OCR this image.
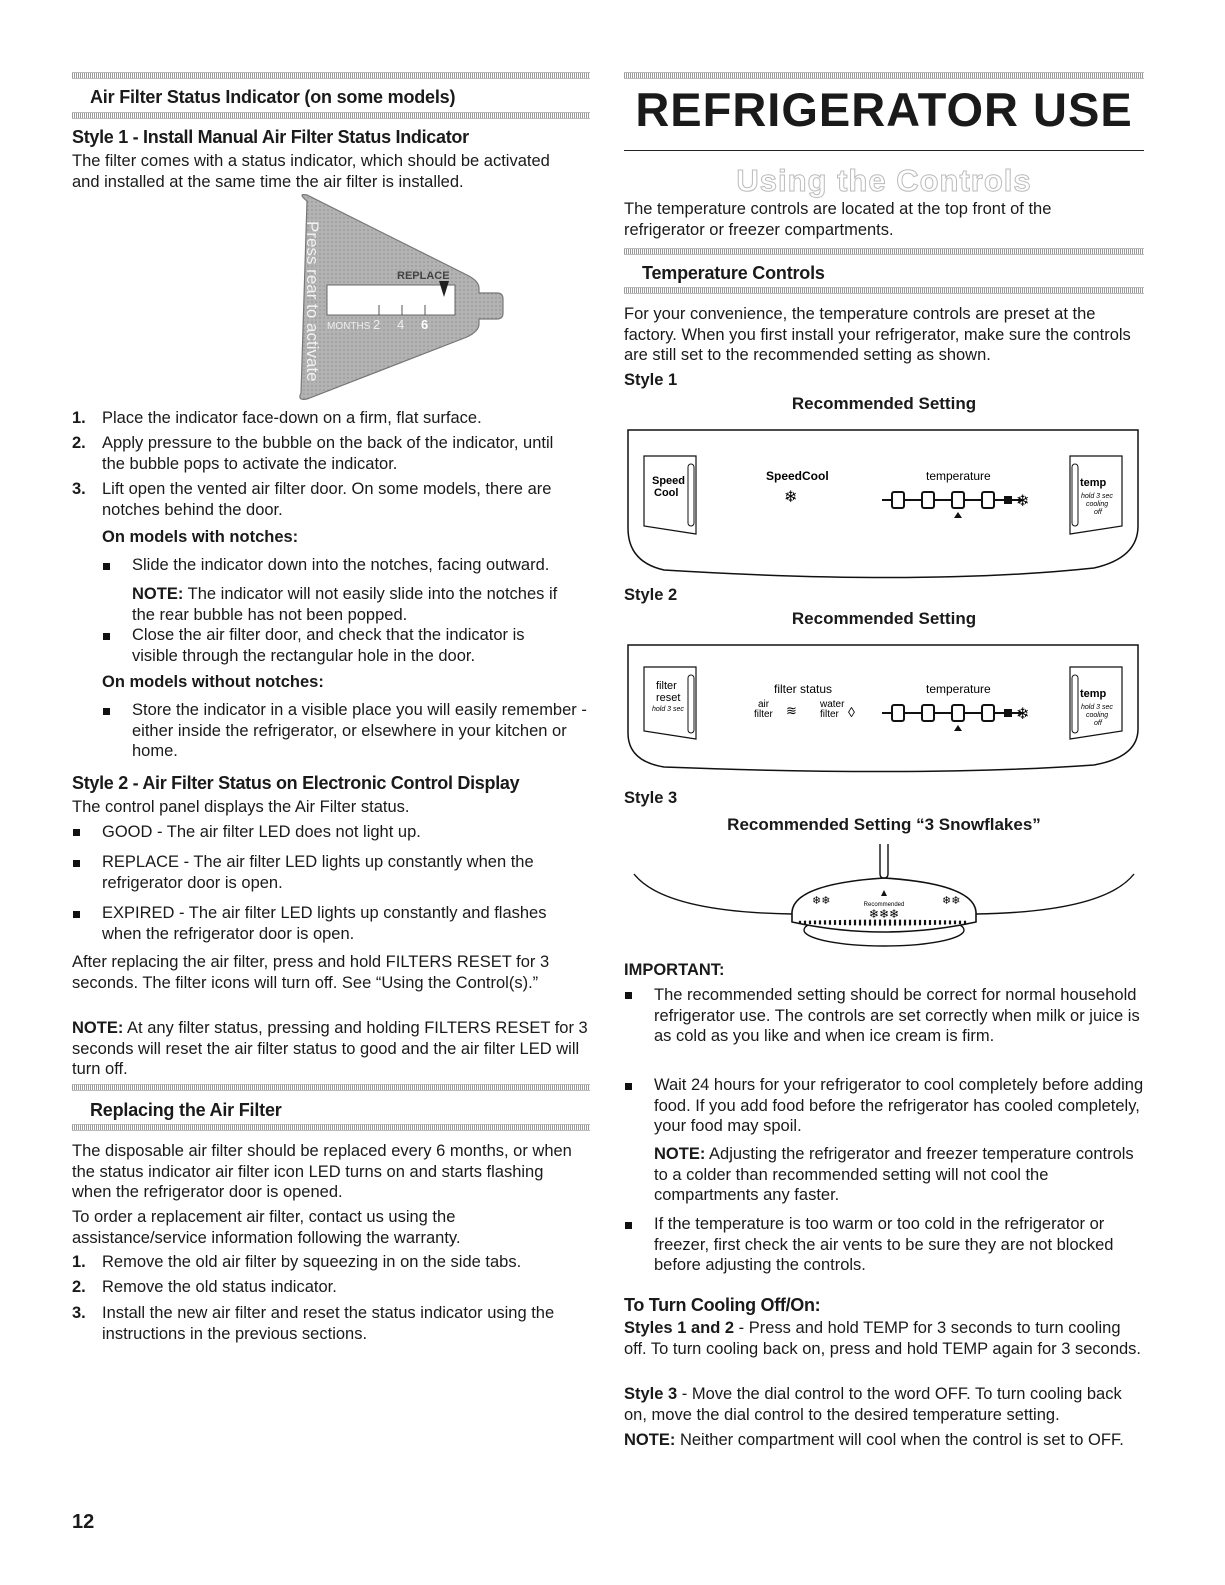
Air Filter Status Indicator (on some models)
Style 1 - Install Manual Air Filter Status Indicator

The filter comes with a status indicator, which should be activated and installed at the same time the air filter is installed.

REPLACE
MONTHS 2 4 6
Press rear to activate
1. Place the indicator face-down on a firm, flat surface.

2. Apply pressure to the bubble on the back of the indicator, until the bubble pops to activate the indicator.

3. Lift open the vented air filter door. On some models, there are notches behind the door.

On models with notches:

Slide the indicator down into the notches, facing outward.

NOTE: The indicator will not easily slide into the notches if the rear bubble has not been popped.

Close the air filter door, and check that the indicator is visible through the rectangular hole in the door.

On models without notches:

Store the indicator in a visible place you will easily remember - either inside the refrigerator, or elsewhere in your kitchen or home.

Style 2 - Air Filter Status on Electronic Control Display

The control panel displays the Air Filter status.

GOOD - The air filter LED does not light up.

REPLACE - The air filter LED lights up constantly when the refrigerator door is open.

EXPIRED - The air filter LED lights up constantly and flashes when the refrigerator door is open.

After replacing the air filter, press and hold FILTERS RESET for 3 seconds. The filter icons will turn off. See “Using the Control(s).”

NOTE: At any filter status, pressing and holding FILTERS RESET for 3 seconds will reset the air filter status to good and the air filter LED will turn off.

Replacing the Air Filter

The disposable air filter should be replaced every 6 months, or when the status indicator air filter icon LED turns on and starts flashing when the refrigerator door is opened.

To order a replacement air filter, contact us using the assistance/service information following the warranty.

1. Remove the old air filter by squeezing in on the side tabs.

2. Remove the old status indicator.

3. Install the new air filter and reset the status indicator using the instructions in the previous sections.

12
REFRIGERATOR USE
Using the Controls

The temperature controls are located at the top front of the refrigerator or freezer compartments.

Temperature Controls

For your convenience, the temperature controls are preset at the factory. When you first install your refrigerator, make sure the controls are still set to the recommended setting as shown.

Style 1
Recommended Setting
Speed
Cool
SpeedCool
❄
temperature
❄
temp
hold 3 sec
cooling
off
Style 2
Recommended Setting
filter
reset
hold 3 sec
filter status
air
filter ≋ water
filter ◊
temperature
❄
temp
hold 3 sec
cooling
off
Style 3
Recommended Setting “3 Snowflakes”
Recommended
❄❄❄
❄❄	❄❄
IMPORTANT:

The recommended setting should be correct for normal household refrigerator use. The controls are set correctly when milk or juice is as cold as you like and when ice cream is firm.

Wait 24 hours for your refrigerator to cool completely before adding food. If you add food before the refrigerator has cooled completely, your food may spoil.

NOTE: Adjusting the refrigerator and freezer temperature controls to a colder than recommended setting will not cool the compartments any faster.

If the temperature is too warm or too cold in the refrigerator or freezer, first check the air vents to be sure they are not blocked before adjusting the controls.

To Turn Cooling Off/On:

Styles 1 and 2 - Press and hold TEMP for 3 seconds to turn cooling off. To turn cooling back on, press and hold TEMP again for 3 seconds.

Style 3 - Move the dial control to the word OFF. To turn cooling back on, move the dial control to the desired temperature setting.

NOTE: Neither compartment will cool when the control is set to OFF.
